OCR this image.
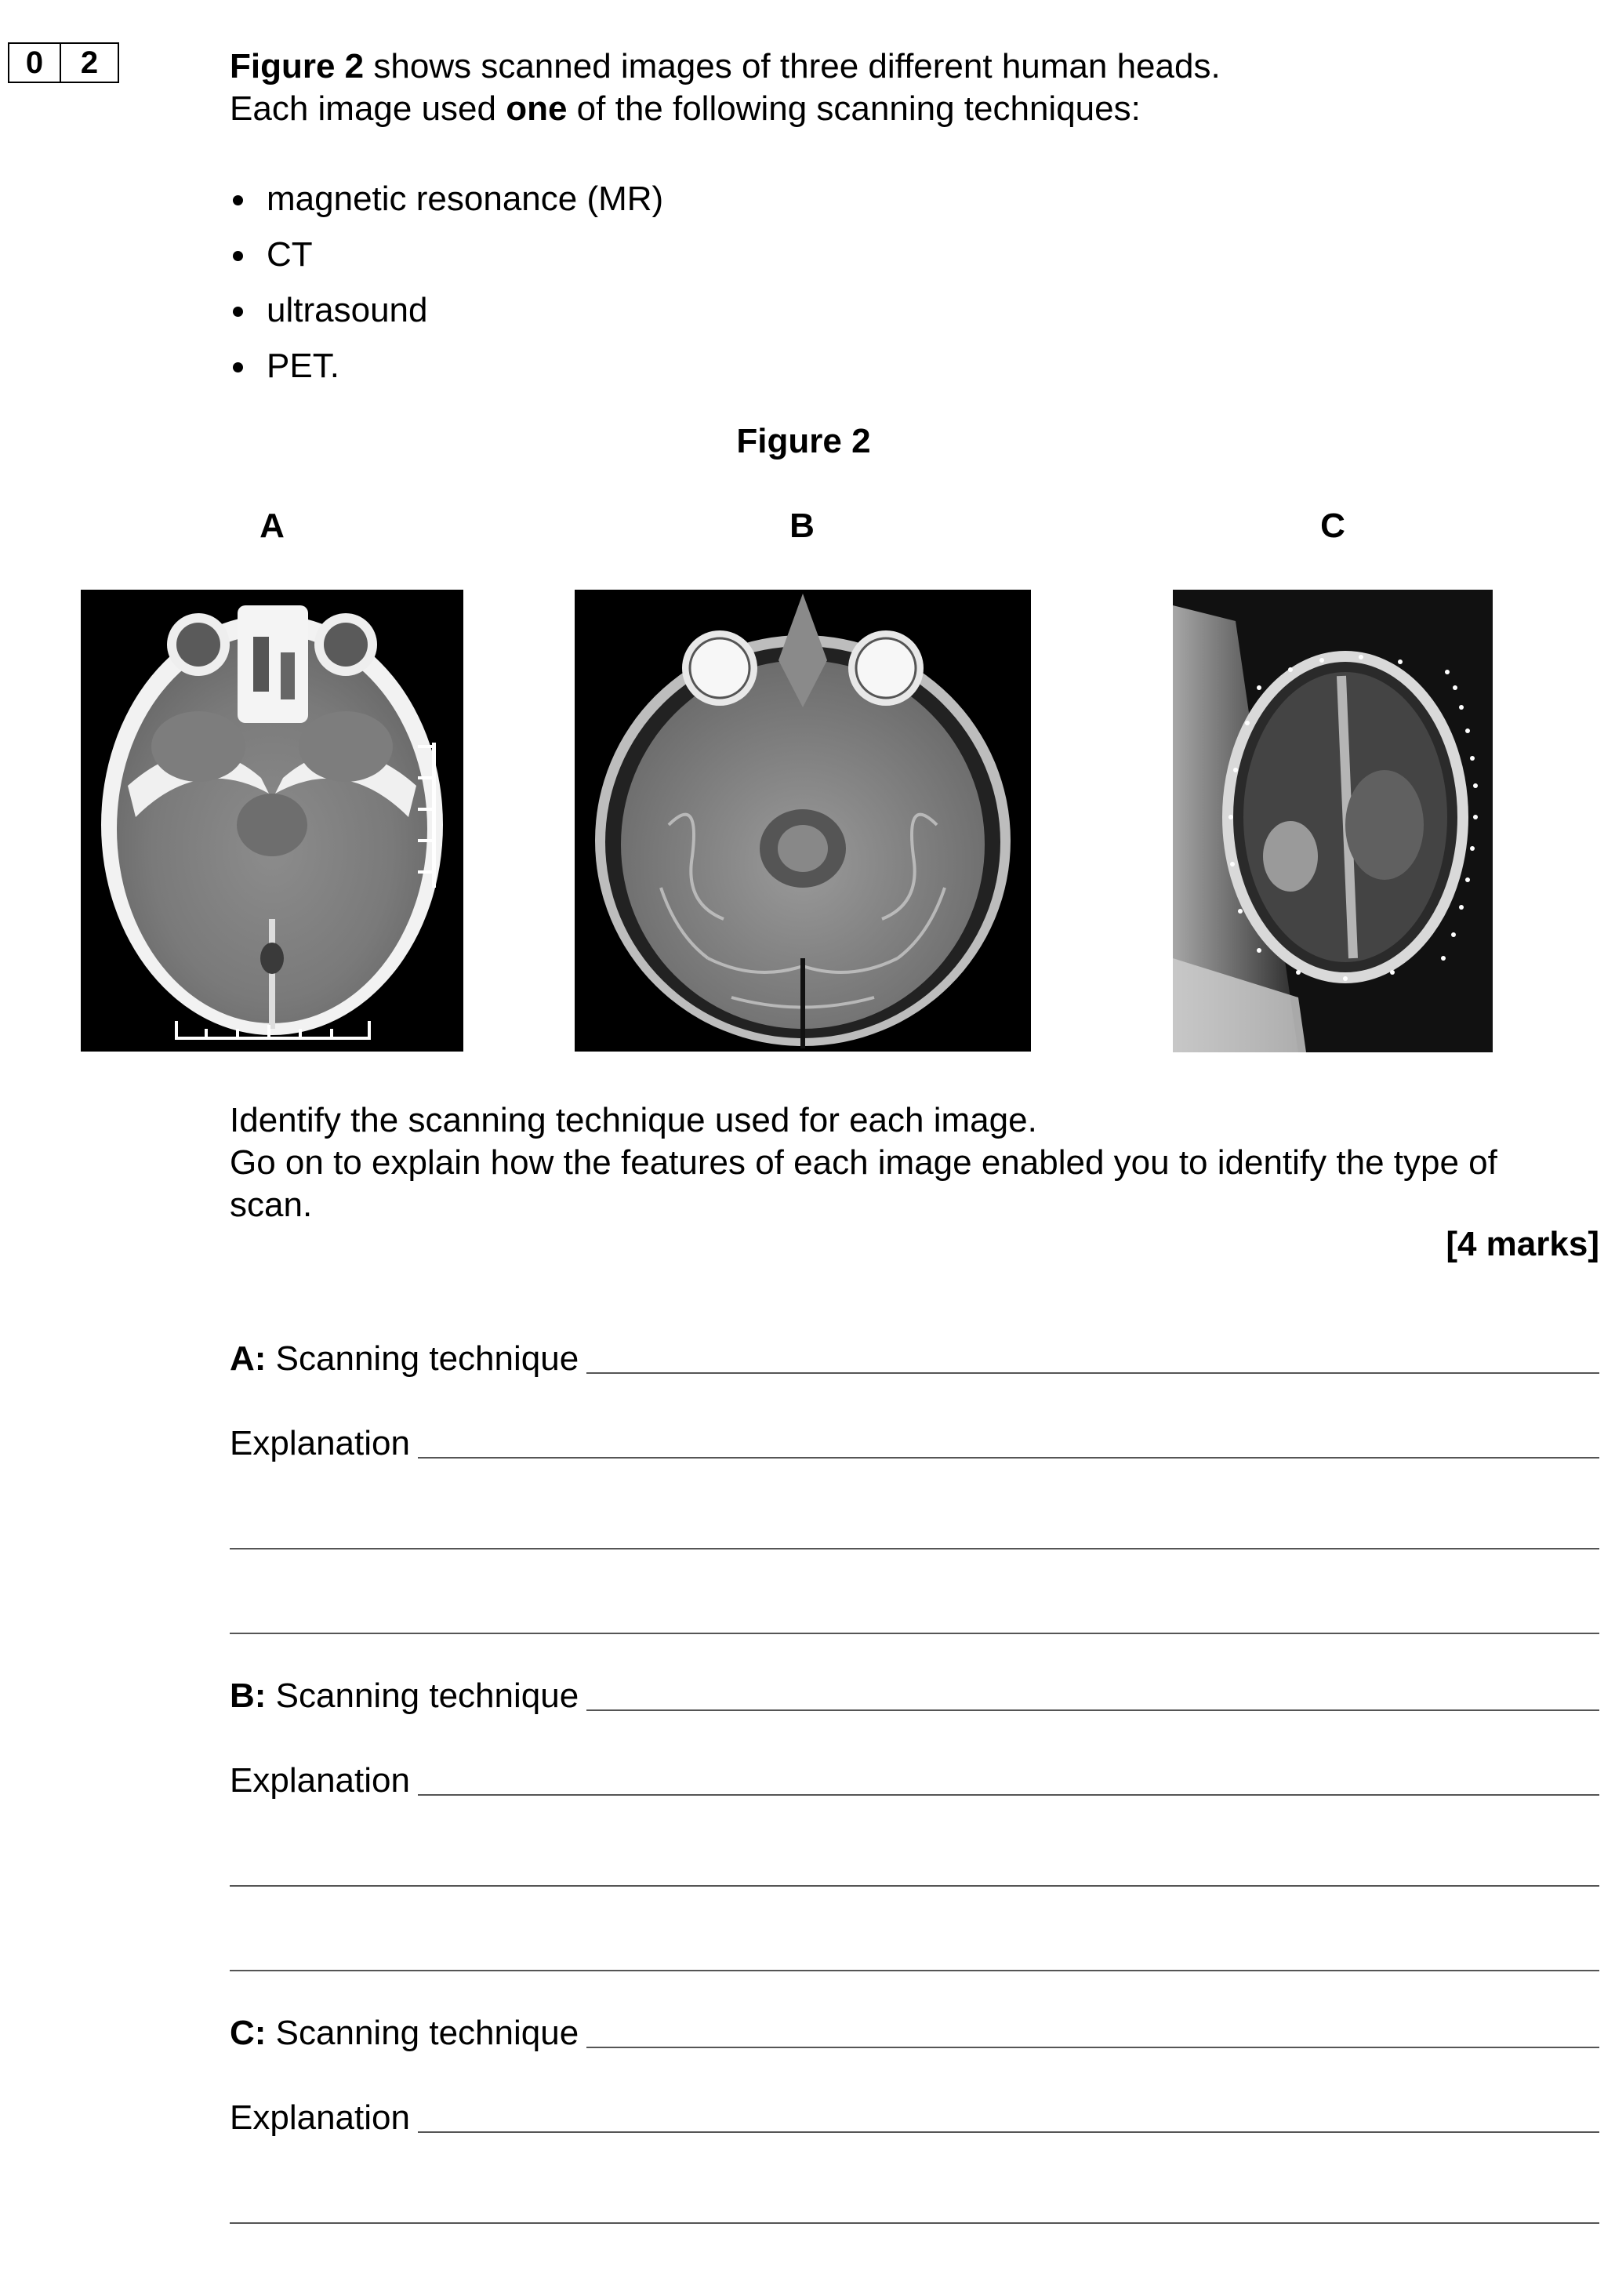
0	2	Figure 2 shows scanned images of three different human heads.
Each image used one of the following scanning techniques:
magnetic resonance (MR)
CT
ultrasound
PET.
Figure 2
A	B	C
Identify the scanning technique used for each image.
Go on to explain how the features of each image enabled you to identify the type of
scan.
[4 marks]
A: Scanning technique
Explanation
B: Scanning technique
Explanation
C: Scanning technique
Explanation
